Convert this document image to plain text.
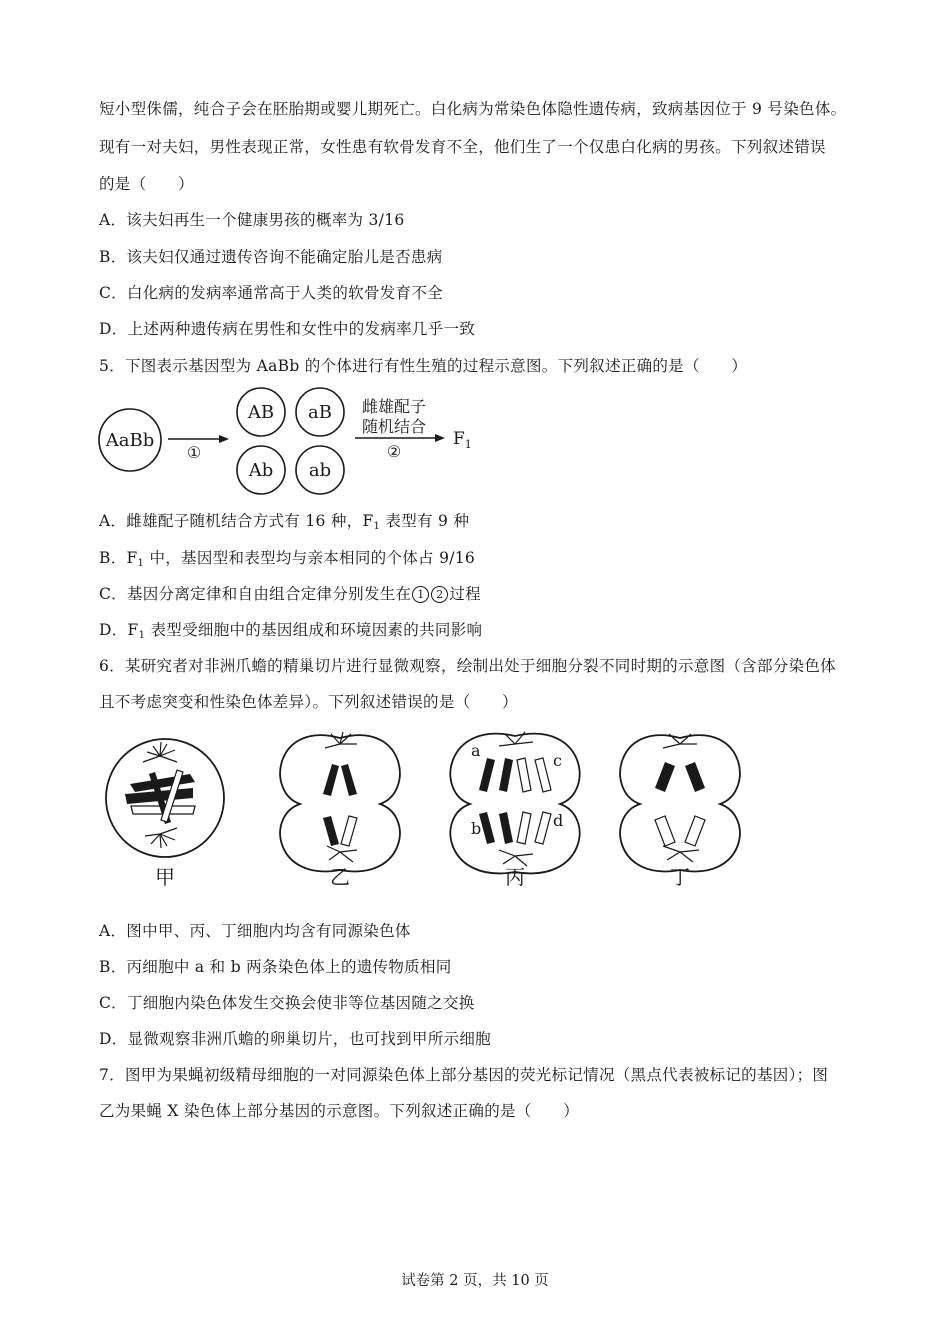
短小型侏儒，纯合子会在胚胎期或婴儿期死亡。白化病为常染色体隐性遗传病，致病基因位于 9 号染色体。
现有一对夫妇，男性表现正常，女性患有软骨发育不全，他们生了一个仅患白化病的男孩。下列叙述错误
的是（　　）
A．该夫妇再生一个健康男孩的概率为 3/16
B．该夫妇仅通过遗传咨询不能确定胎儿是否患病
C．白化病的发病率通常高于人类的软骨发育不全
D．上述两种遗传病在男性和女性中的发病率几乎一致
5．下图表示基因型为 AaBb 的个体进行有性生殖的过程示意图。下列叙述正确的是（　　）
AaBb
AB aB
Ab ab
①
雌雄配子
随机结合
②
$F_1$
A．雌雄配子随机结合方式有 16 种，$F_1$ 表型有 9 种
B．$F_1$ 中，基因型和表型均与亲本相同的个体占 9/16
C．基因分离定律和自由组合定律分别发生在 1 2 过程
D．$F_1$ 表型受细胞中的基因组成和环境因素的共同影响
6．某研究者对非洲爪蟾的精巢切片进行显微观察，绘制出处于细胞分裂不同时期的示意图（含部分染色体
且不考虑突变和性染色体差异）。下列叙述错误的是（　　）
a
c
b	d
甲	乙	丙	丁
A．图中甲、丙、丁细胞内均含有同源染色体
B．丙细胞中 a 和 b 两条染色体上的遗传物质相同
C．丁细胞内染色体发生交换会使非等位基因随之交换
D．显微观察非洲爪蟾的卵巢切片，也可找到甲所示细胞
7．图甲为果蝇初级精母细胞的一对同源染色体上部分基因的荧光标记情况（黑点代表被标记的基因）；图
乙为果蝇 X 染色体上部分基因的示意图。下列叙述正确的是（　　）
试卷第 2 页，共 10 页
